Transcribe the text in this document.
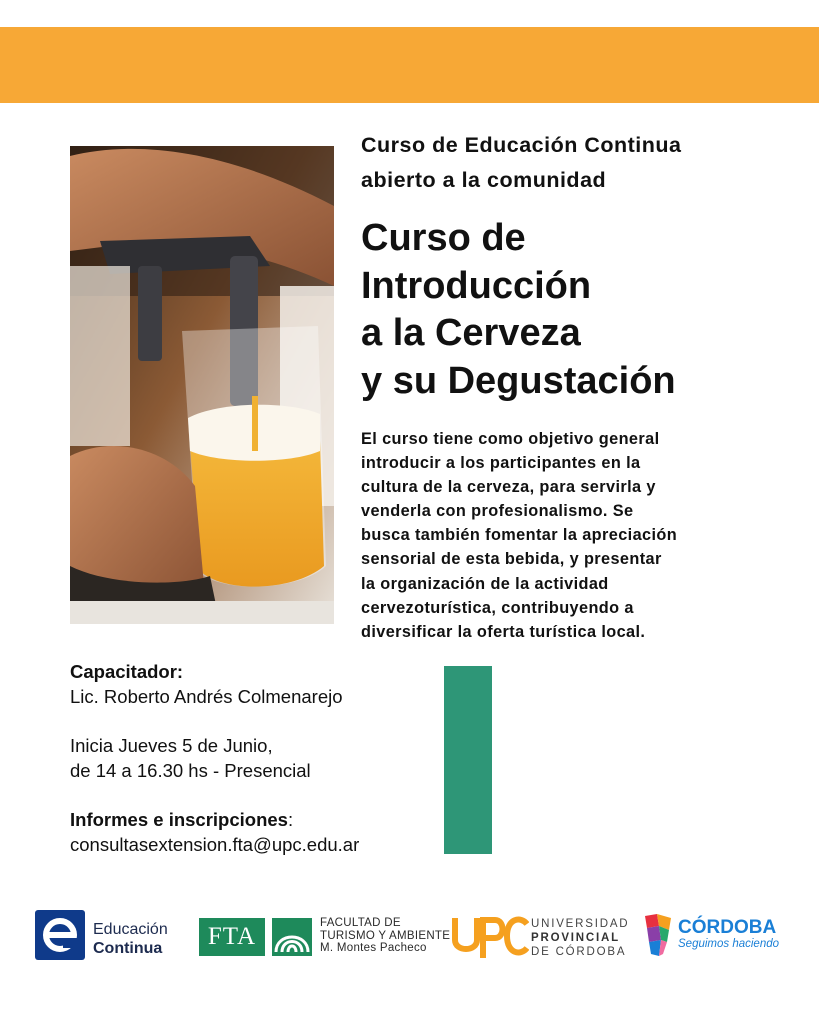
Curso de Educación Continua
abierto a la comunidad
Curso de
Introducción
a la Cerveza
y su Degustación
El curso tiene como objetivo general
introducir a los participantes en la
cultura de la cerveza, para servirla y
venderla con profesionalismo. Se
busca también fomentar la apreciación
sensorial de esta bebida, y presentar
la organización de la actividad
cervezoturística, contribuyendo a
diversificar la oferta turística local.
Capacitador:
Lic. Roberto Andrés Colmenarejo
Inicia Jueves 5 de Junio,
de 14 a 16.30 hs - Presencial
Informes e inscripciones:
consultasextension.fta@upc.edu.ar
Educación
Continua	FTA	FACULTAD DE
TURISMO Y AMBIENTE
M. Montes Pacheco
UNIVERSIDAD
PROVINCIAL
DE CÓRDOBA
CÓRDOBA
Seguimos haciendo
